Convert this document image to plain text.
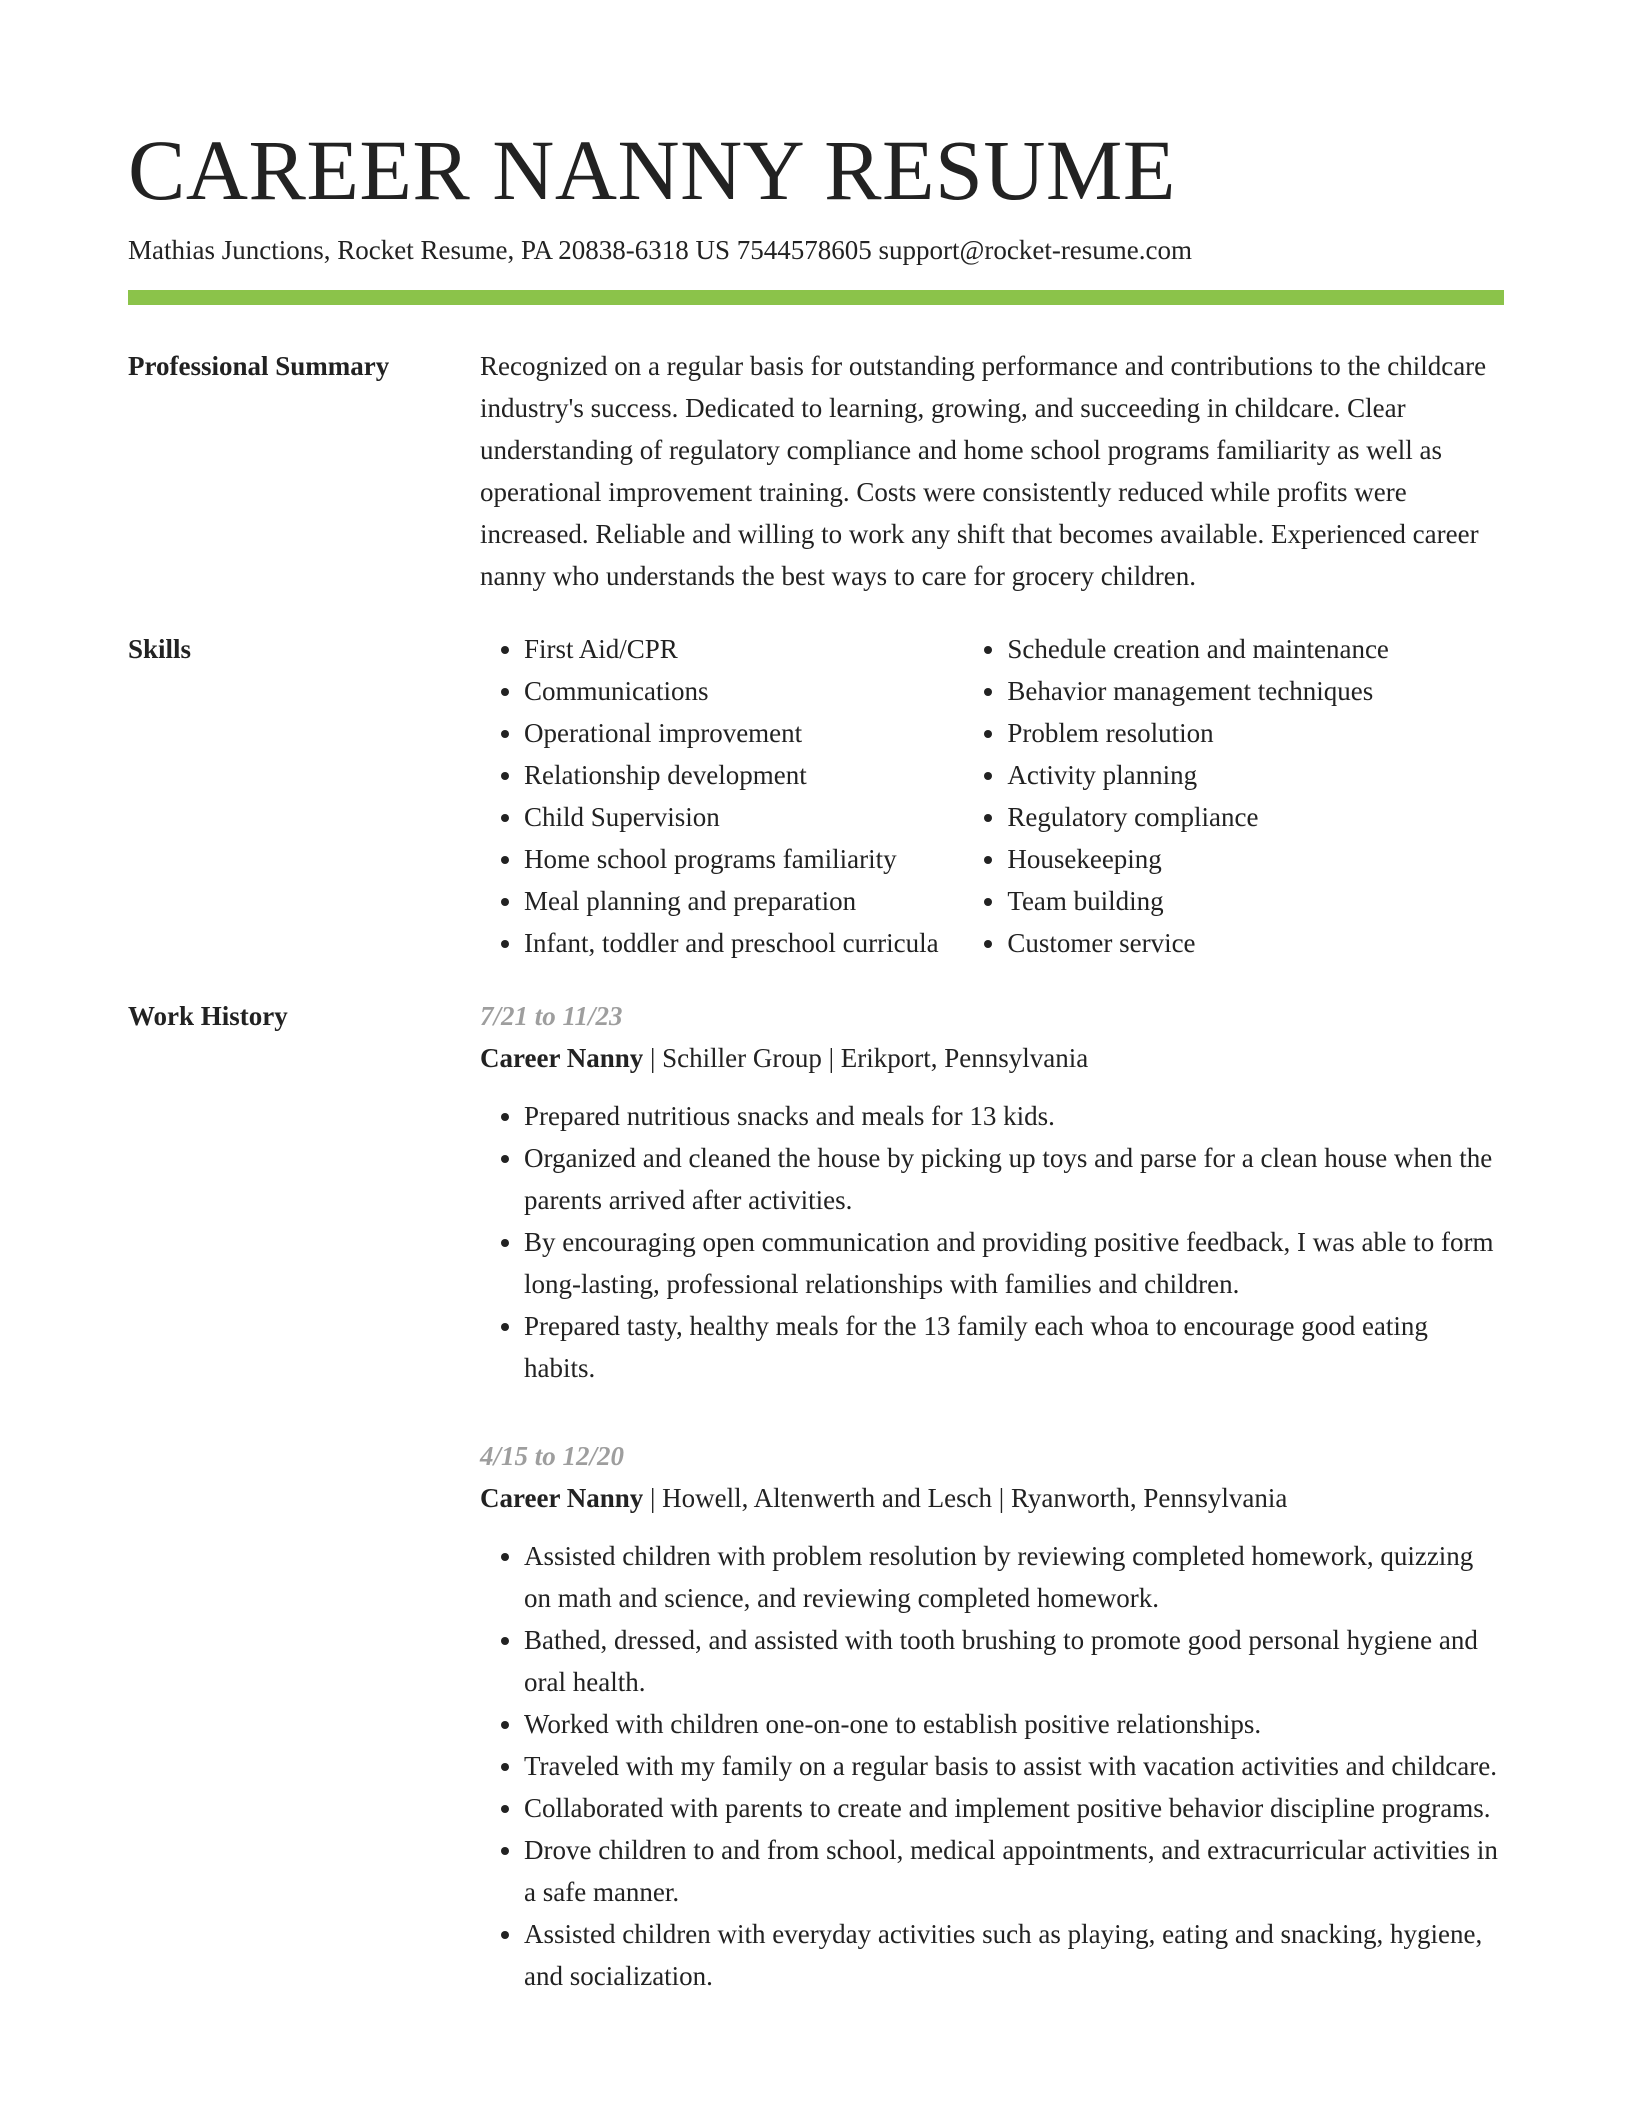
CAREER NANNY RESUME
Mathias Junctions, Rocket Resume, PA 20838-6318 US 7544578605 support@rocket-resume.com
Professional Summary	Recognized on a regular basis for outstanding performance and contributions to the childcare industry's success. Dedicated to learning, growing, and succeeding in childcare. Clear understanding of regulatory compliance and home school programs familiarity as well as operational improvement training. Costs were consistently reduced while profits were increased. Reliable and willing to work any shift that becomes available. Experienced career nanny who understands the best ways to care for grocery children.

Skills
•	First Aid/CPR
• Communications
• Operational improvement
• Relationship development
• Child Supervision
• Home school programs familiarity
• Meal planning and preparation
• Infant, toddler and preschool curricula
• Schedule creation and maintenance
• Behavior management techniques
• Problem resolution
• Activity planning
• Regulatory compliance
• Housekeeping
• Team building
• Customer service
Work History	7/21 to 11/23
Career Nanny | Schiller Group | Erikport, Pennsylvania
• Prepared nutritious snacks and meals for 13 kids.
• Organized and cleaned the house by picking up toys and parse for a clean house when the parents arrived after activities.
• By encouraging open communication and providing positive feedback, I was able to form long-lasting, professional relationships with families and children.
• Prepared tasty, healthy meals for the 13 family each whoa to encourage good eating habits.
4/15 to 12/20
Career Nanny | Howell, Altenwerth and Lesch | Ryanworth, Pennsylvania
• Assisted children with problem resolution by reviewing completed homework, quizzing on math and science, and reviewing completed homework.
• Bathed, dressed, and assisted with tooth brushing to promote good personal hygiene and oral health.
• Worked with children one-on-one to establish positive relationships.
• Traveled with my family on a regular basis to assist with vacation activities and childcare.
• Collaborated with parents to create and implement positive behavior discipline programs.
• Drove children to and from school, medical appointments, and extracurricular activities in a safe manner.
• Assisted children with everyday activities such as playing, eating and snacking, hygiene, and socialization.
